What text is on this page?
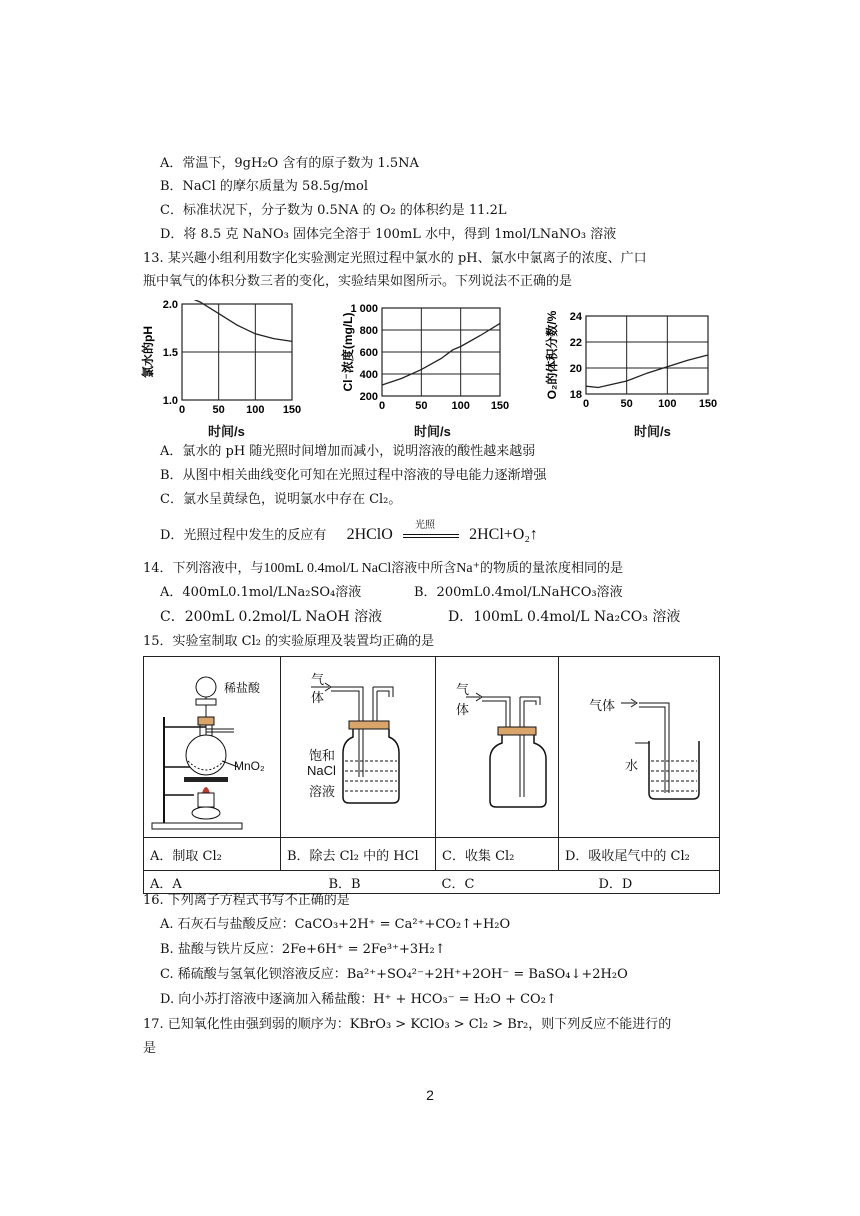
A．常温下，9gH₂O 含有的原子数为 1.5NA
B．NaCl 的摩尔质量为 58.5g/mol
C．标准状况下，分子数为 0.5NA 的 O₂ 的体积约是 11.2L
D．将 8.5 克 NaNO₃ 固体完全溶于 100mL 水中，得到 1mol/LNaNO₃ 溶液
13. 某兴趣小组利用数字化实验测定光照过程中氯水的 pH、氯水中氯离子的浓度、广口
瓶中氧气的体积分数三者的变化，实验结果如图所示。下列说法不正确的是
0 50 100 150
1.0
1.5
2.0
氯水的pH
时间/s
0	50 100 150
200
400
600
800
1 000
Cl⁻浓度(mg/L)
时间/s
0	50 100 150
18
20
22
24
O₂的体积分数/%
时间/s
A．氯水的 pH 随光照时间增加而减小，说明溶液的酸性越来越弱
B．从图中相关曲线变化可知在光照过程中溶液的导电能力逐渐增强
C．氯水呈黄绿色，说明氯水中存在 Cl₂。
D．光照过程中发生的反应有 2HClO
光照
2HCl+O₂↑
14．下列溶液中，与100mL 0.4mol/L NaCl溶液中所含Na⁺的物质的量浓度相同的是
A．400mL0.1mol/LNa₂SO₄溶液	B．200mL0.4mol/LNaHCO₃溶液
C．200mL 0.2mol/L NaOH 溶液	D．100mL 0.4mol/L Na₂CO₃ 溶液
15．实验室制取 Cl₂ 的实验原理及装置均正确的是
稀盐酸
MnO₂	气
体
饱和
NaCl
溶液	气
体	气体
水

A．制取 Cl₂	B．除去 Cl₂ 中的 HCl	C．收集 Cl₂	D．吸收尾气中的 Cl₂
A．A	B．B	C．C	D．D
16. 下列离子方程式书写不正确的是
A. 石灰石与盐酸反应：CaCO₃+2H⁺ = Ca²⁺+CO₂↑+H₂O
B. 盐酸与铁片反应：2Fe+6H⁺ = 2Fe³⁺+3H₂↑
C. 稀硫酸与氢氧化钡溶液反应：Ba²⁺+SO₄²⁻+2H⁺+2OH⁻ = BaSO₄↓+2H₂O
D. 向小苏打溶液中逐滴加入稀盐酸：H⁺ + HCO₃⁻ = H₂O + CO₂↑
17. 已知氧化性由强到弱的顺序为：KBrO₃ > KClO₃ > Cl₂ > Br₂，则下列反应不能进行的
是
2
